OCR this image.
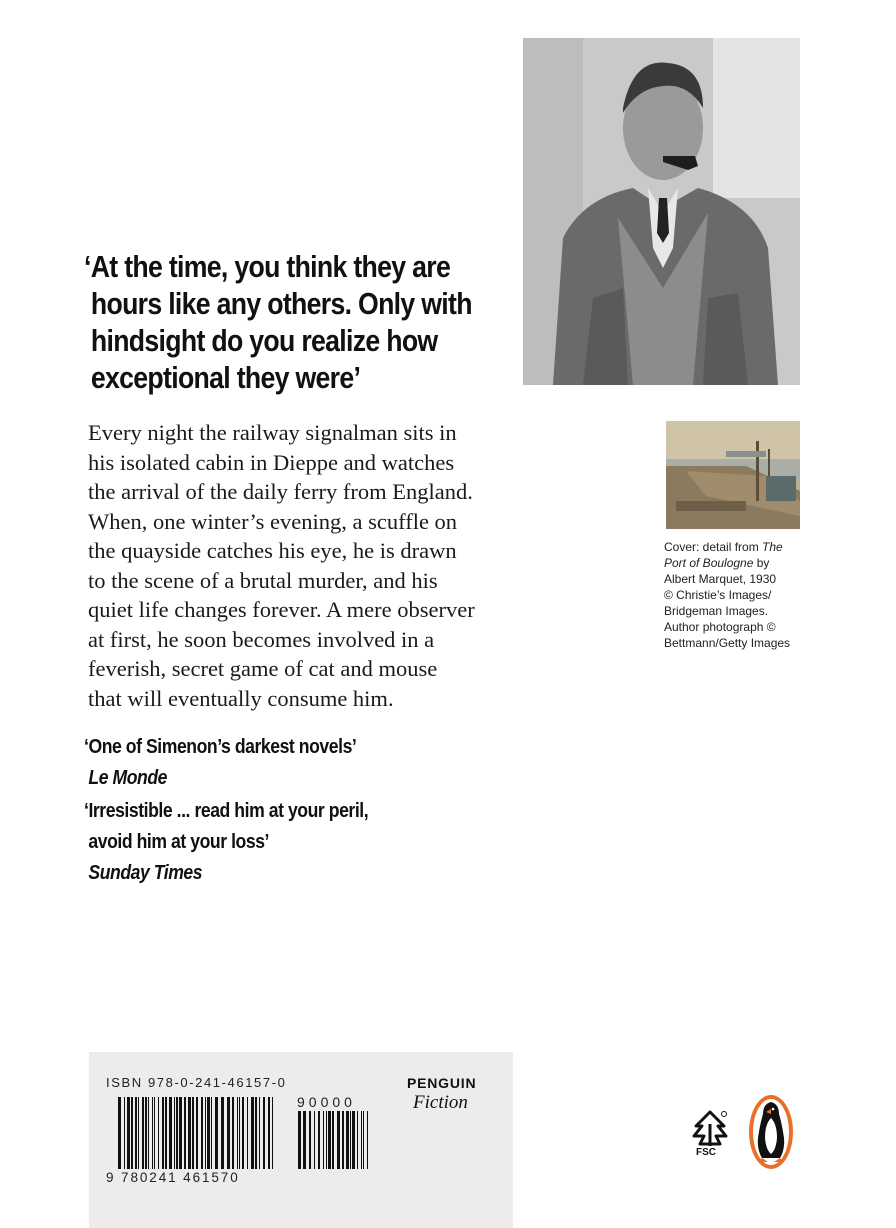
‘At the time, you think they are
hours like any others. Only with
hindsight do you realize how
exceptional they were’
Every night the railway signalman sits in
his isolated cabin in Dieppe and watches
the arrival of the daily ferry from England.
When, one winter’s evening, a scuffle on
the quayside catches his eye, he is drawn
to the scene of a brutal murder, and his
quiet life changes forever. A mere observer
at first, he soon becomes involved in a
feverish, secret game of cat and mouse
that will eventually consume him.
‘One of Simenon’s darkest novels’
Le Monde
‘Irresistible ... read him at your peril,
avoid him at your loss’
Sunday Times
Cover: detail from The
Port of Boulogne by
Albert Marquet, 1930
© Christie’s Images/
Bridgeman Images.
Author photograph ©
Bettmann/Getty Images
ISBN 978-0-241-46157-0
90000
9 780241 461570
PENGUIN
Fiction
FSC
